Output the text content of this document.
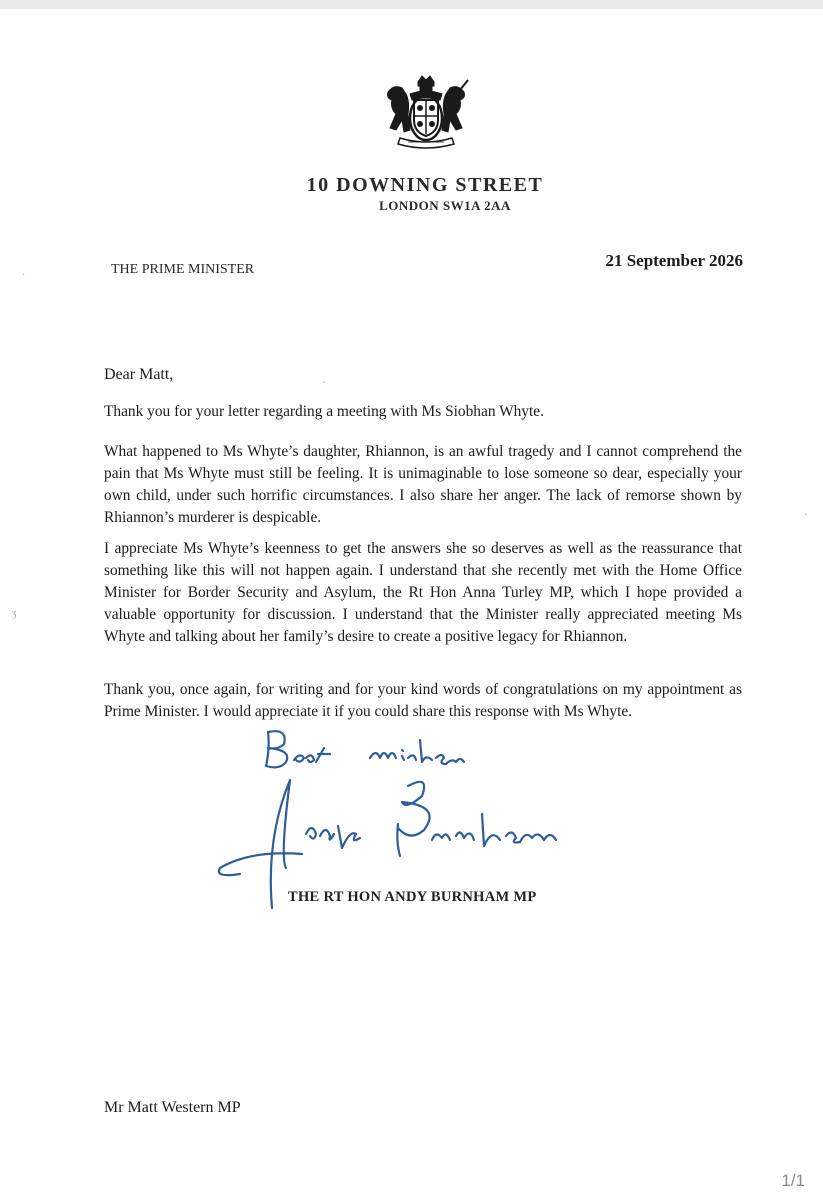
10 DOWNING STREET
LONDON SW1A 2AA
THE PRIME MINISTER	21 September 2026
Dear Matt,

Thank you for your letter regarding a meeting with Ms Siobhan Whyte.

What happened to Ms Whyte’s daughter, Rhiannon, is an awful tragedy and I cannot comprehend the pain that Ms Whyte must still be feeling. It is unimaginable to lose someone so dear, especially your own child, under such horrific circumstances. I also share her anger. The lack of remorse shown by Rhiannon’s murderer is despicable.

I appreciate Ms Whyte’s keenness to get the answers she so deserves as well as the reassurance that something like this will not happen again. I understand that she recently met with the Home Office Minister for Border Security and Asylum, the Rt Hon Anna Turley MP, which I hope provided a valuable opportunity for discussion. I understand that the Minister really appreciated meeting Ms Whyte and talking about her family’s desire to create a positive legacy for Rhiannon.

Thank you, once again, for writing and for your kind words of congratulations on my appointment as Prime Minister. I would appreciate it if you could share this response with Ms Whyte.

THE RT HON ANDY BURNHAM MP
Mr Matt Western MP
1/1
·
ʒ
·
·
